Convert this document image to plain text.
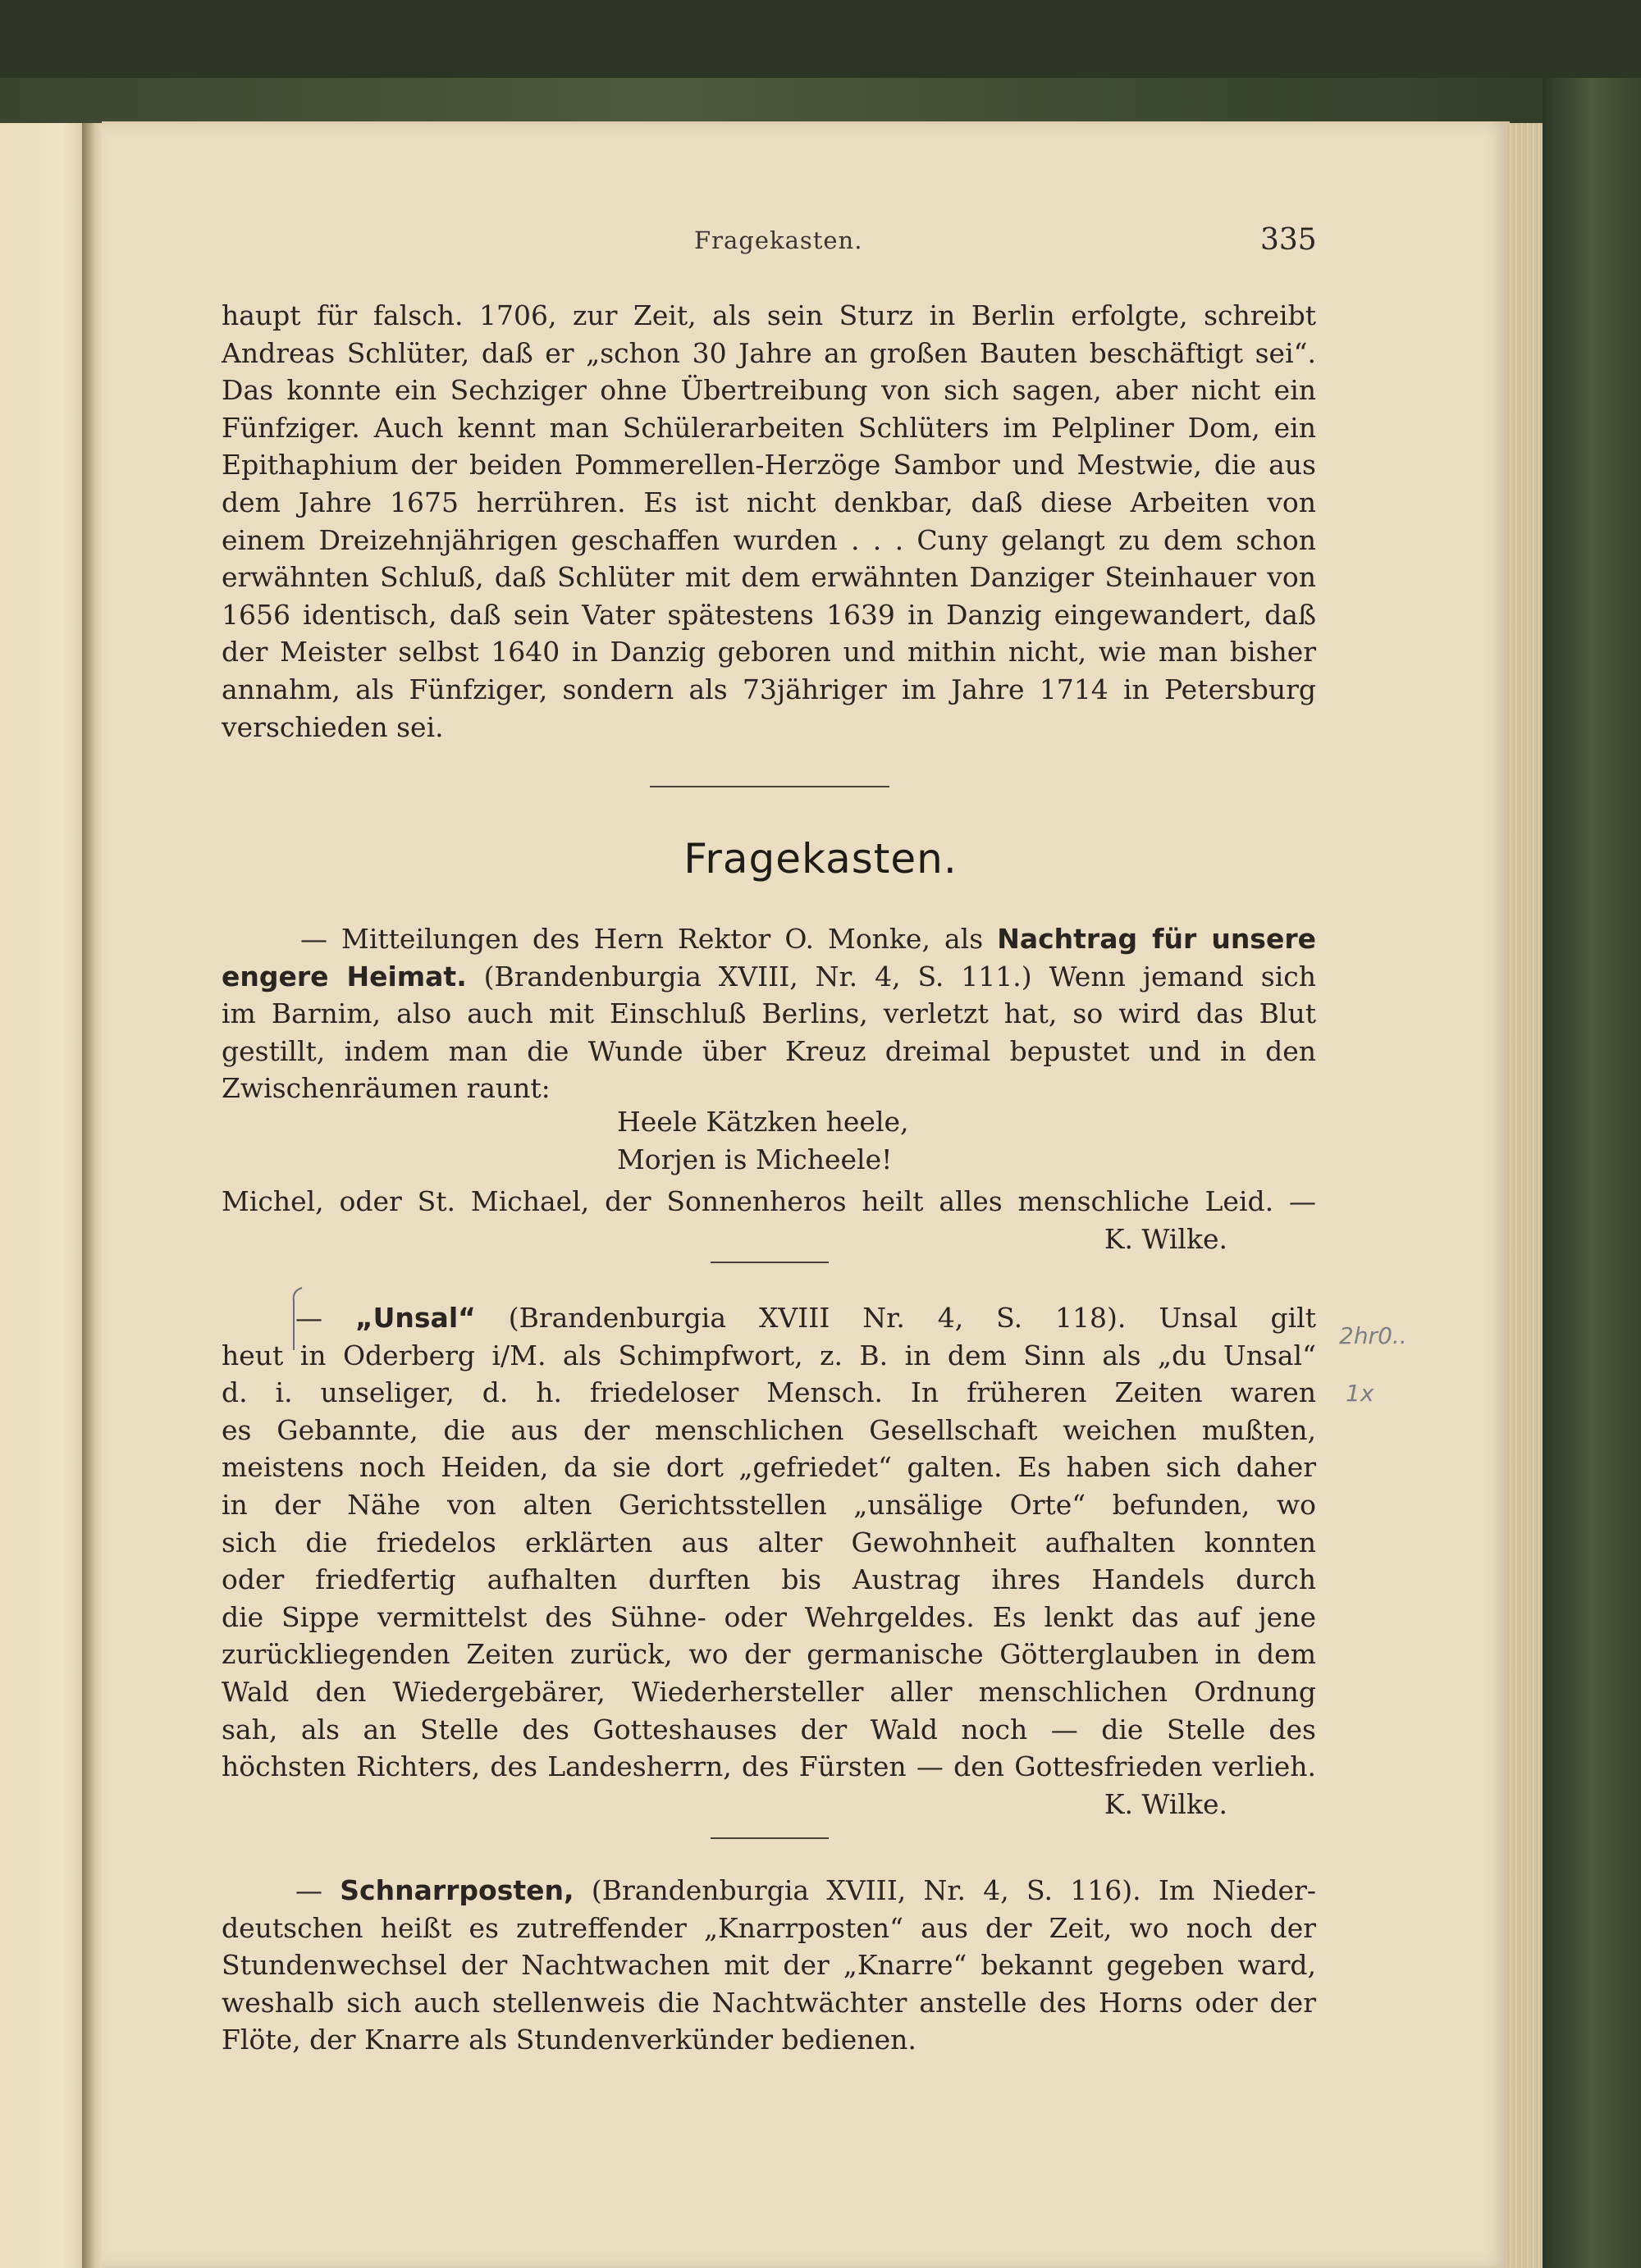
Fragekasten.	335
haupt für falsch. 1706, zur Zeit, als sein Sturz in Berlin erfolgte, schreibt
Andreas Schlüter, daß er „schon 30 Jahre an großen Bauten beschäftigt sei“.
Das konnte ein Sechziger ohne Übertreibung von sich sagen, aber nicht ein
Fünfziger. Auch kennt man Schülerarbeiten Schlüters im Pelpliner Dom, ein
Epithaphium der beiden Pommerellen-Herzöge Sambor und Mestwie, die aus
dem Jahre 1675 herrühren. Es ist nicht denkbar, daß diese Arbeiten von
einem Dreizehnjährigen geschaffen wurden . . . Cuny gelangt zu dem schon
erwähnten Schluß, daß Schlüter mit dem erwähnten Danziger Steinhauer von
1656 identisch, daß sein Vater spätestens 1639 in Danzig eingewandert, daß
der Meister selbst 1640 in Danzig geboren und mithin nicht, wie man bisher
annahm, als Fünfziger, sondern als 73jähriger im Jahre 1714 in Petersburg
verschieden sei.
Fragekasten.
— Mitteilungen des Hern Rektor O. Monke, als Nachtrag für unsere
engere Heimat. (Brandenburgia XVIII, Nr. 4, S. 111.) Wenn jemand sich
im Barnim, also auch mit Einschluß Berlins, verletzt hat, so wird das Blut
gestillt, indem man die Wunde über Kreuz dreimal bepustet und in den
Zwischenräumen raunt:
Heele Kätzken heele,
Morjen is Micheele!
Michel, oder St. Michael, der Sonnenheros heilt alles menschliche Leid. —
K. Wilke.
— „Unsal“ (Brandenburgia XVIII Nr. 4, S. 118). Unsal gilt
heut in Oderberg i/M. als Schimpfwort, z. B. in dem Sinn als „du Unsal“
d. i. unseliger, d. h. friedeloser Mensch. In früheren Zeiten waren
es Gebannte, die aus der menschlichen Gesellschaft weichen mußten,
meistens noch Heiden, da sie dort „gefriedet“ galten. Es haben sich daher
in der Nähe von alten Gerichtsstellen „unsälige Orte“ befunden, wo
sich die friedelos erklärten aus alter Gewohnheit aufhalten konnten
oder friedfertig aufhalten durften bis Austrag ihres Handels durch
die Sippe vermittelst des Sühne- oder Wehrgeldes. Es lenkt das auf jene
zurückliegenden Zeiten zurück, wo der germanische Götterglauben in dem
Wald den Wiedergebärer, Wiederhersteller aller menschlichen Ordnung
sah, als an Stelle des Gotteshauses der Wald noch — die Stelle des
höchsten Richters, des Landesherrn, des Fürsten — den Gottesfrieden verlieh.
K. Wilke.
— Schnarrposten, (Brandenburgia XVIII, Nr. 4, S. 116). Im Nieder-
deutschen heißt es zutreffender „Knarrposten“ aus der Zeit, wo noch der
Stundenwechsel der Nachtwachen mit der „Knarre“ bekannt gegeben ward,
weshalb sich auch stellenweis die Nachtwächter anstelle des Horns oder der
Flöte, der Knarre als Stundenverkünder bedienen.
2hr0..
1x
